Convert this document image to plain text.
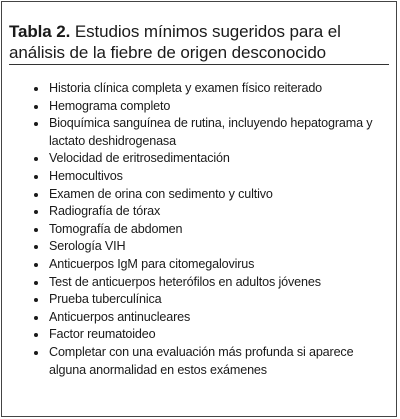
Tabla 2. Estudios mínimos sugeridos para el análisis de la fiebre de origen desconocido
Historia clínica completa y examen físico reiterado
Hemograma completo
Bioquímica sanguínea de rutina, incluyendo hepatograma y lactato deshidrogenasa
Velocidad de eritrosedimentación
Hemocultivos
Examen de orina con sedimento y cultivo
Radiografía de tórax
Tomografía de abdomen
Serología VIH
Anticuerpos IgM para citomegalovirus
Test de anticuerpos heterófilos en adultos jóvenes
Prueba tuberculínica
Anticuerpos antinucleares
Factor reumatoideo
Completar con una evaluación más profunda si aparece alguna anormalidad en estos exámenes
